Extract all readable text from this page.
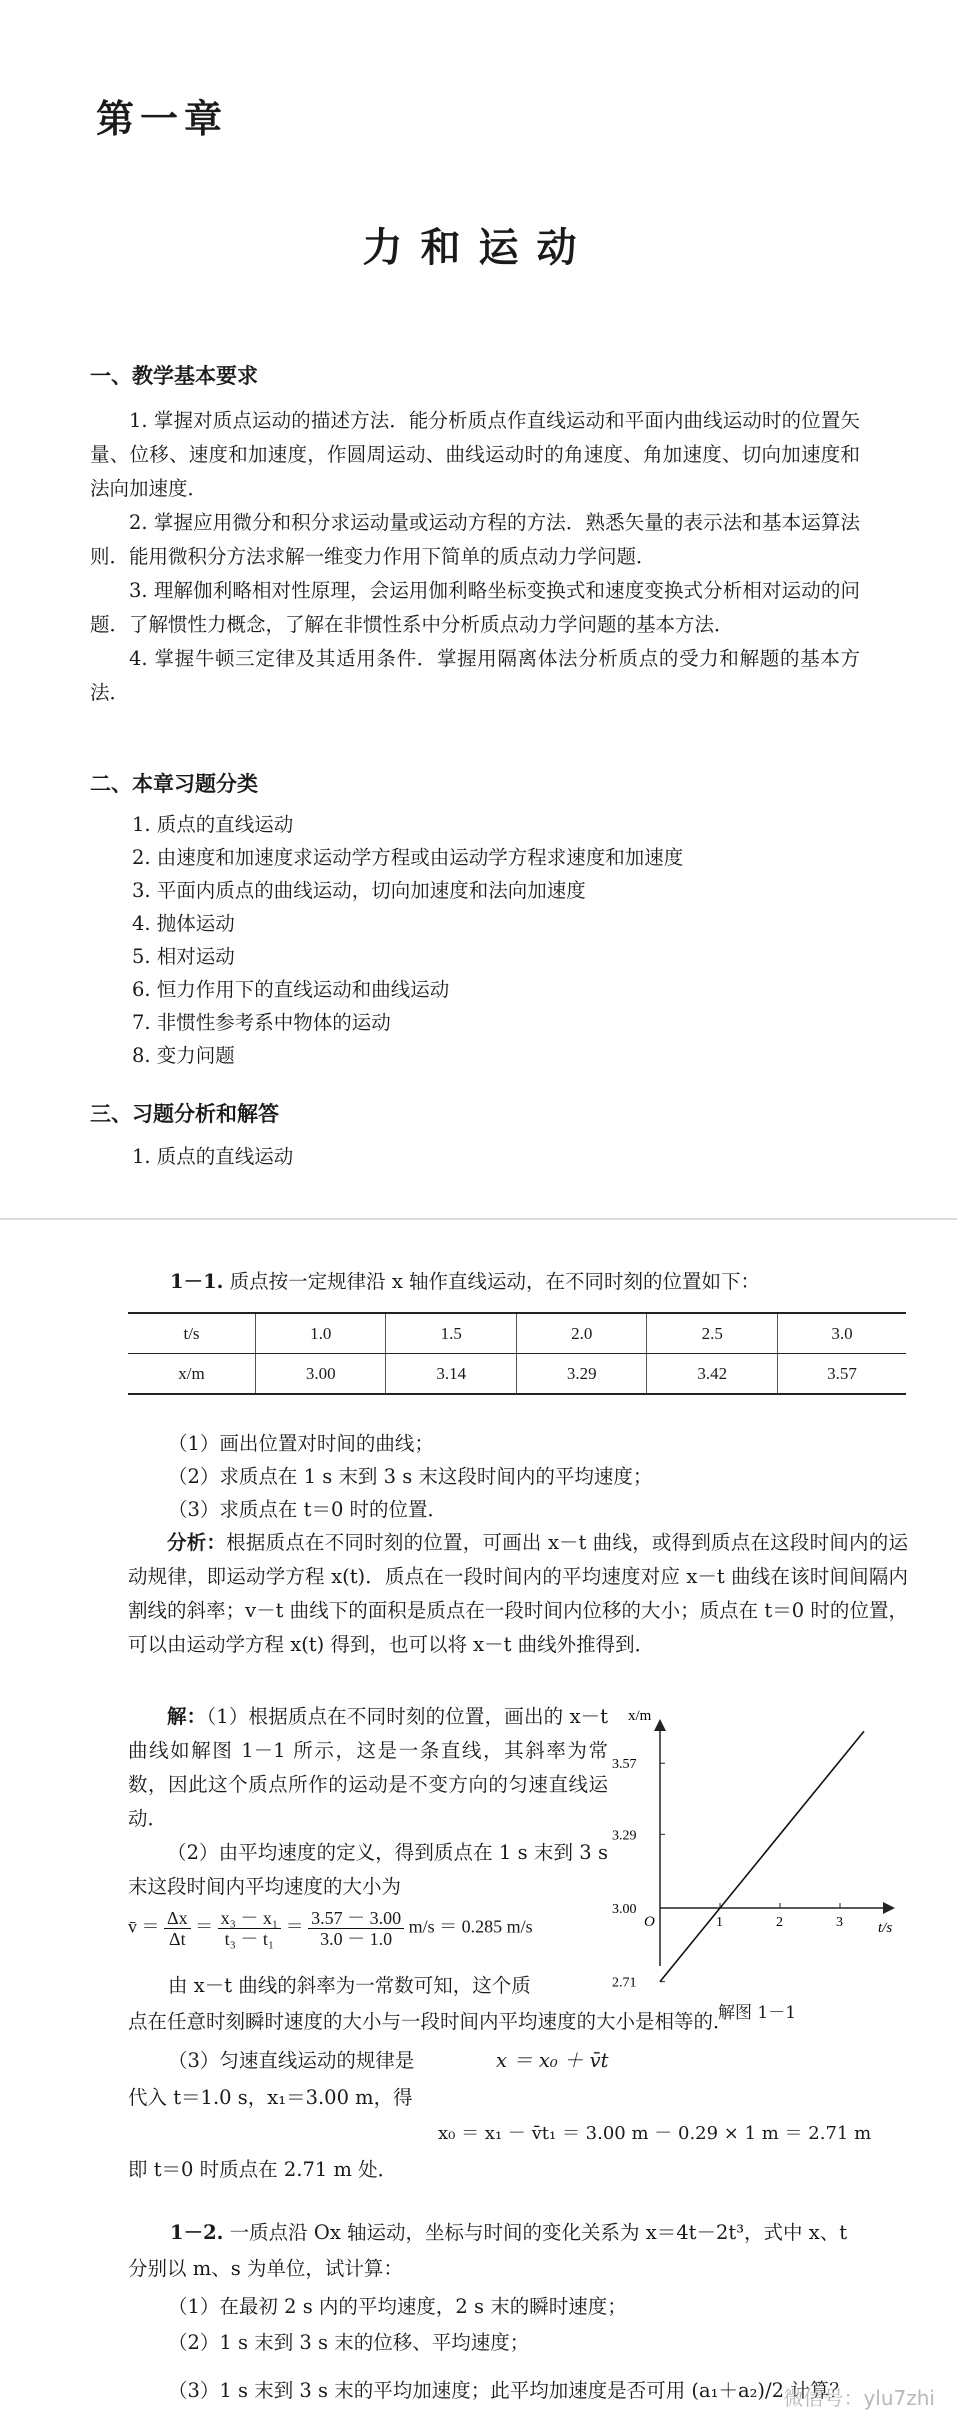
第一章
力和运动
一、教学基本要求
1. 掌握对质点运动的描述方法．能分析质点作直线运动和平面内曲线运动时的位置矢量、位移、速度和加速度，作圆周运动、曲线运动时的角速度、角加速度、切向加速度和法向加速度．
2. 掌握应用微分和积分求运动量或运动方程的方法．熟悉矢量的表示法和基本运算法则．能用微积分方法求解一维变力作用下简单的质点动力学问题．
3. 理解伽利略相对性原理，会运用伽利略坐标变换式和速度变换式分析相对运动的问题．了解惯性力概念，了解在非惯性系中分析质点动力学问题的基本方法．
4. 掌握牛顿三定律及其适用条件．掌握用隔离体法分析质点的受力和解题的基本方法．
二、本章习题分类
1. 质点的直线运动
2. 由速度和加速度求运动学方程或由运动学方程求速度和加速度
3. 平面内质点的曲线运动，切向加速度和法向加速度
4. 抛体运动
5. 相对运动
6. 恒力作用下的直线运动和曲线运动
7. 非惯性参考系中物体的运动
8. 变力问题
三、习题分析和解答
1. 质点的直线运动
1－1. 质点按一定规律沿 x 轴作直线运动，在不同时刻的位置如下：
t/s	1.0	1.5	2.0	2.5	3.0
x/m	3.00	3.14	3.29	3.42	3.57
（1）画出位置对时间的曲线；
（2）求质点在 1 s 末到 3 s 末这段时间内的平均速度；
（3）求质点在 t＝0 时的位置．
分析：根据质点在不同时刻的位置，可画出 x－t 曲线，或得到质点在这段时间内的运动规律，即运动学方程 x(t)．质点在一段时间内的平均速度对应 x－t 曲线在该时间间隔内割线的斜率；v－t 曲线下的面积是质点在一段时间内位移的大小；质点在 t＝0 时的位置，可以由运动学方程 x(t) 得到，也可以将 x－t 曲线外推得到．
解：（1）根据质点在不同时刻的位置，画出的 x－t 曲线如解图 1－1 所示，这是一条直线，其斜率为常数，因此这个质点所作的运动是不变方向的匀速直线运动．
（2）由平均速度的定义，得到质点在 1 s 末到 3 s 末这段时间内平均速度的大小为
v̄ ＝ $\frac{\Delta x}{\Delta t} = \frac{\text{x₃ － x₁}}{\text{t₃ － t₁}} = \frac{3.57 - 3.00}{3.0 - 1.0} m/s = 0.285$ m/s
由 x－t 曲线的斜率为一常数可知，这个质
点在任意时刻瞬时速度的大小与一段时间内平均速度的大小是相等的．
（3）匀速直线运动的规律是	x ＝ x₀ ＋ v̄t
代入 t＝1.0 s，x₁＝3.00 m，得
x₀ ＝ x₁ － v̄t₁ ＝ 3.00 m － 0.29 × 1 m ＝ 2.71 m
即 t＝0 时质点在 2.71 m 处．
x/m
t/s
O	1	2	3
3.57
3.29
3.00
2.71
解图 1－1
1－2. 一质点沿 Ox 轴运动，坐标与时间的变化关系为 x＝4t－2t³，式中 x、t
分别以 m、s 为单位，试计算：
（1）在最初 2 s 内的平均速度，2 s 末的瞬时速度；
（2）1 s 末到 3 s 末的位移、平均速度；
（3）1 s 末到 3 s 末的平均加速度；此平均加速度是否可用 (a₁＋a₂)/2 计算？
微信号：ylu7zhi
